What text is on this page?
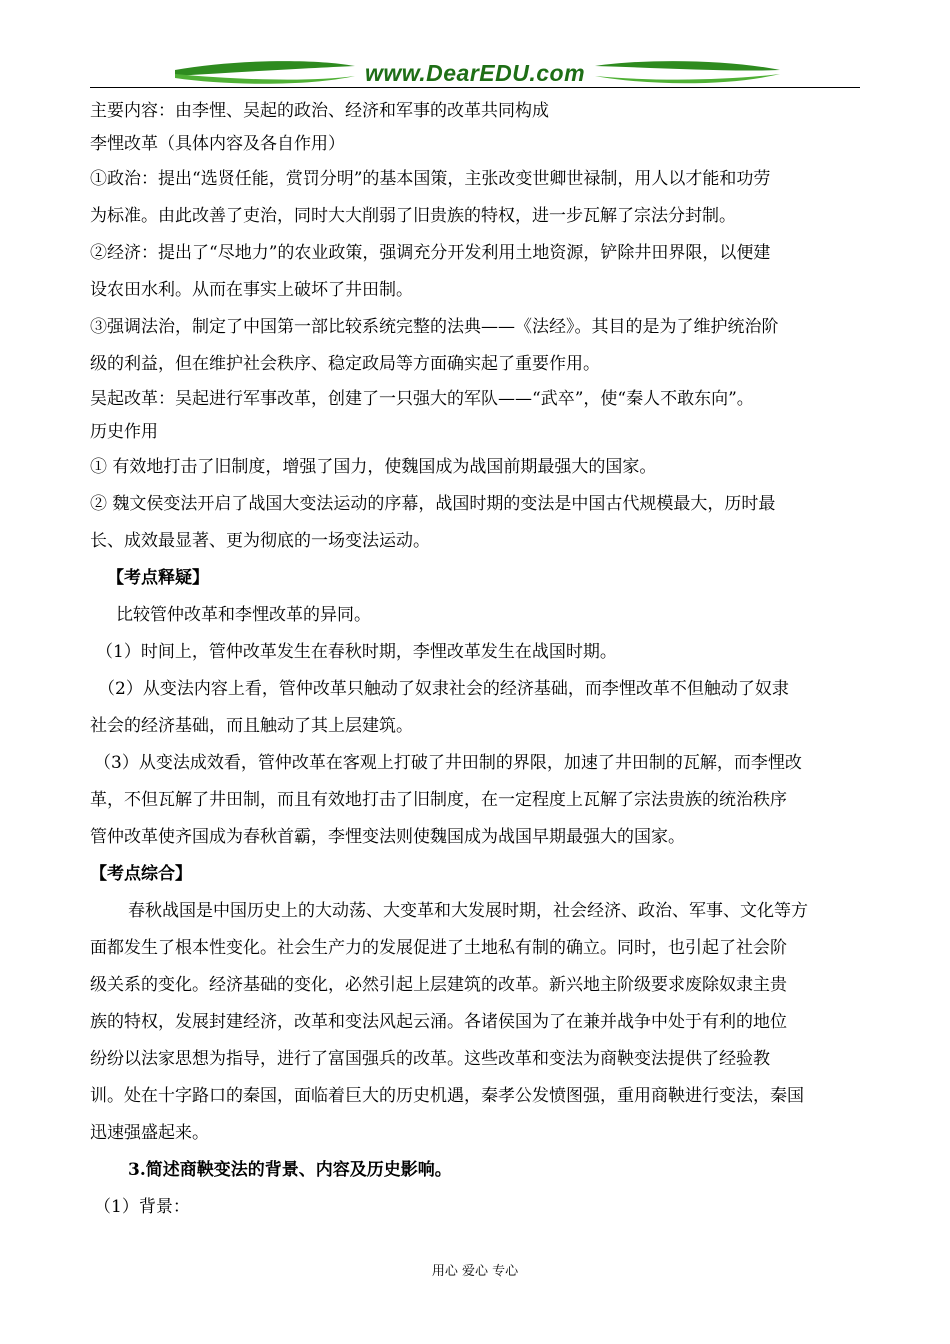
www.DearEDU.com
主要内容：由李悝、吴起的政治、经济和军事的改革共同构成
李悝改革（具体内容及各自作用）
①政治：提出“选贤任能，赏罚分明”的基本国策，主张改变世卿世禄制，用人以才能和功劳
为标准。由此改善了吏治，同时大大削弱了旧贵族的特权，进一步瓦解了宗法分封制。
②经济：提出了“尽地力”的农业政策，强调充分开发利用土地资源，铲除井田界限，以便建
设农田水利。从而在事实上破坏了井田制。
③强调法治，制定了中国第一部比较系统完整的法典——《法经》。其目的是为了维护统治阶
级的利益，但在维护社会秩序、稳定政局等方面确实起了重要作用。
吴起改革：吴起进行军事改革，创建了一只强大的军队——“武卒”，使“秦人不敢东向”。
历史作用
① 有效地打击了旧制度，增强了国力，使魏国成为战国前期最强大的国家。
② 魏文侯变法开启了战国大变法运动的序幕，战国时期的变法是中国古代规模最大，历时最
长、成效最显著、更为彻底的一场变法运动。
【考点释疑】
比较管仲改革和李悝改革的异同。
（1）时间上，管仲改革发生在春秋时期，李悝改革发生在战国时期。
（2）从变法内容上看，管仲改革只触动了奴隶社会的经济基础，而李悝改革不但触动了奴隶
社会的经济基础，而且触动了其上层建筑。
（3）从变法成效看，管仲改革在客观上打破了井田制的界限，加速了井田制的瓦解，而李悝改
革，不但瓦解了井田制，而且有效地打击了旧制度，在一定程度上瓦解了宗法贵族的统治秩序
管仲改革使齐国成为春秋首霸，李悝变法则使魏国成为战国早期最强大的国家。
【考点综合】
春秋战国是中国历史上的大动荡、大变革和大发展时期，社会经济、政治、军事、文化等方
面都发生了根本性变化。社会生产力的发展促进了土地私有制的确立。同时，也引起了社会阶
级关系的变化。经济基础的变化，必然引起上层建筑的改革。新兴地主阶级要求废除奴隶主贵
族的特权，发展封建经济，改革和变法风起云涌。各诸侯国为了在兼并战争中处于有利的地位
纷纷以法家思想为指导，进行了富国强兵的改革。这些改革和变法为商鞅变法提供了经验教
训。处在十字路口的秦国，面临着巨大的历史机遇，秦孝公发愤图强，重用商鞅进行变法，秦国
迅速强盛起来。
3.简述商鞅变法的背景、内容及历史影响。
（1）背景：
用心 爱心 专心
